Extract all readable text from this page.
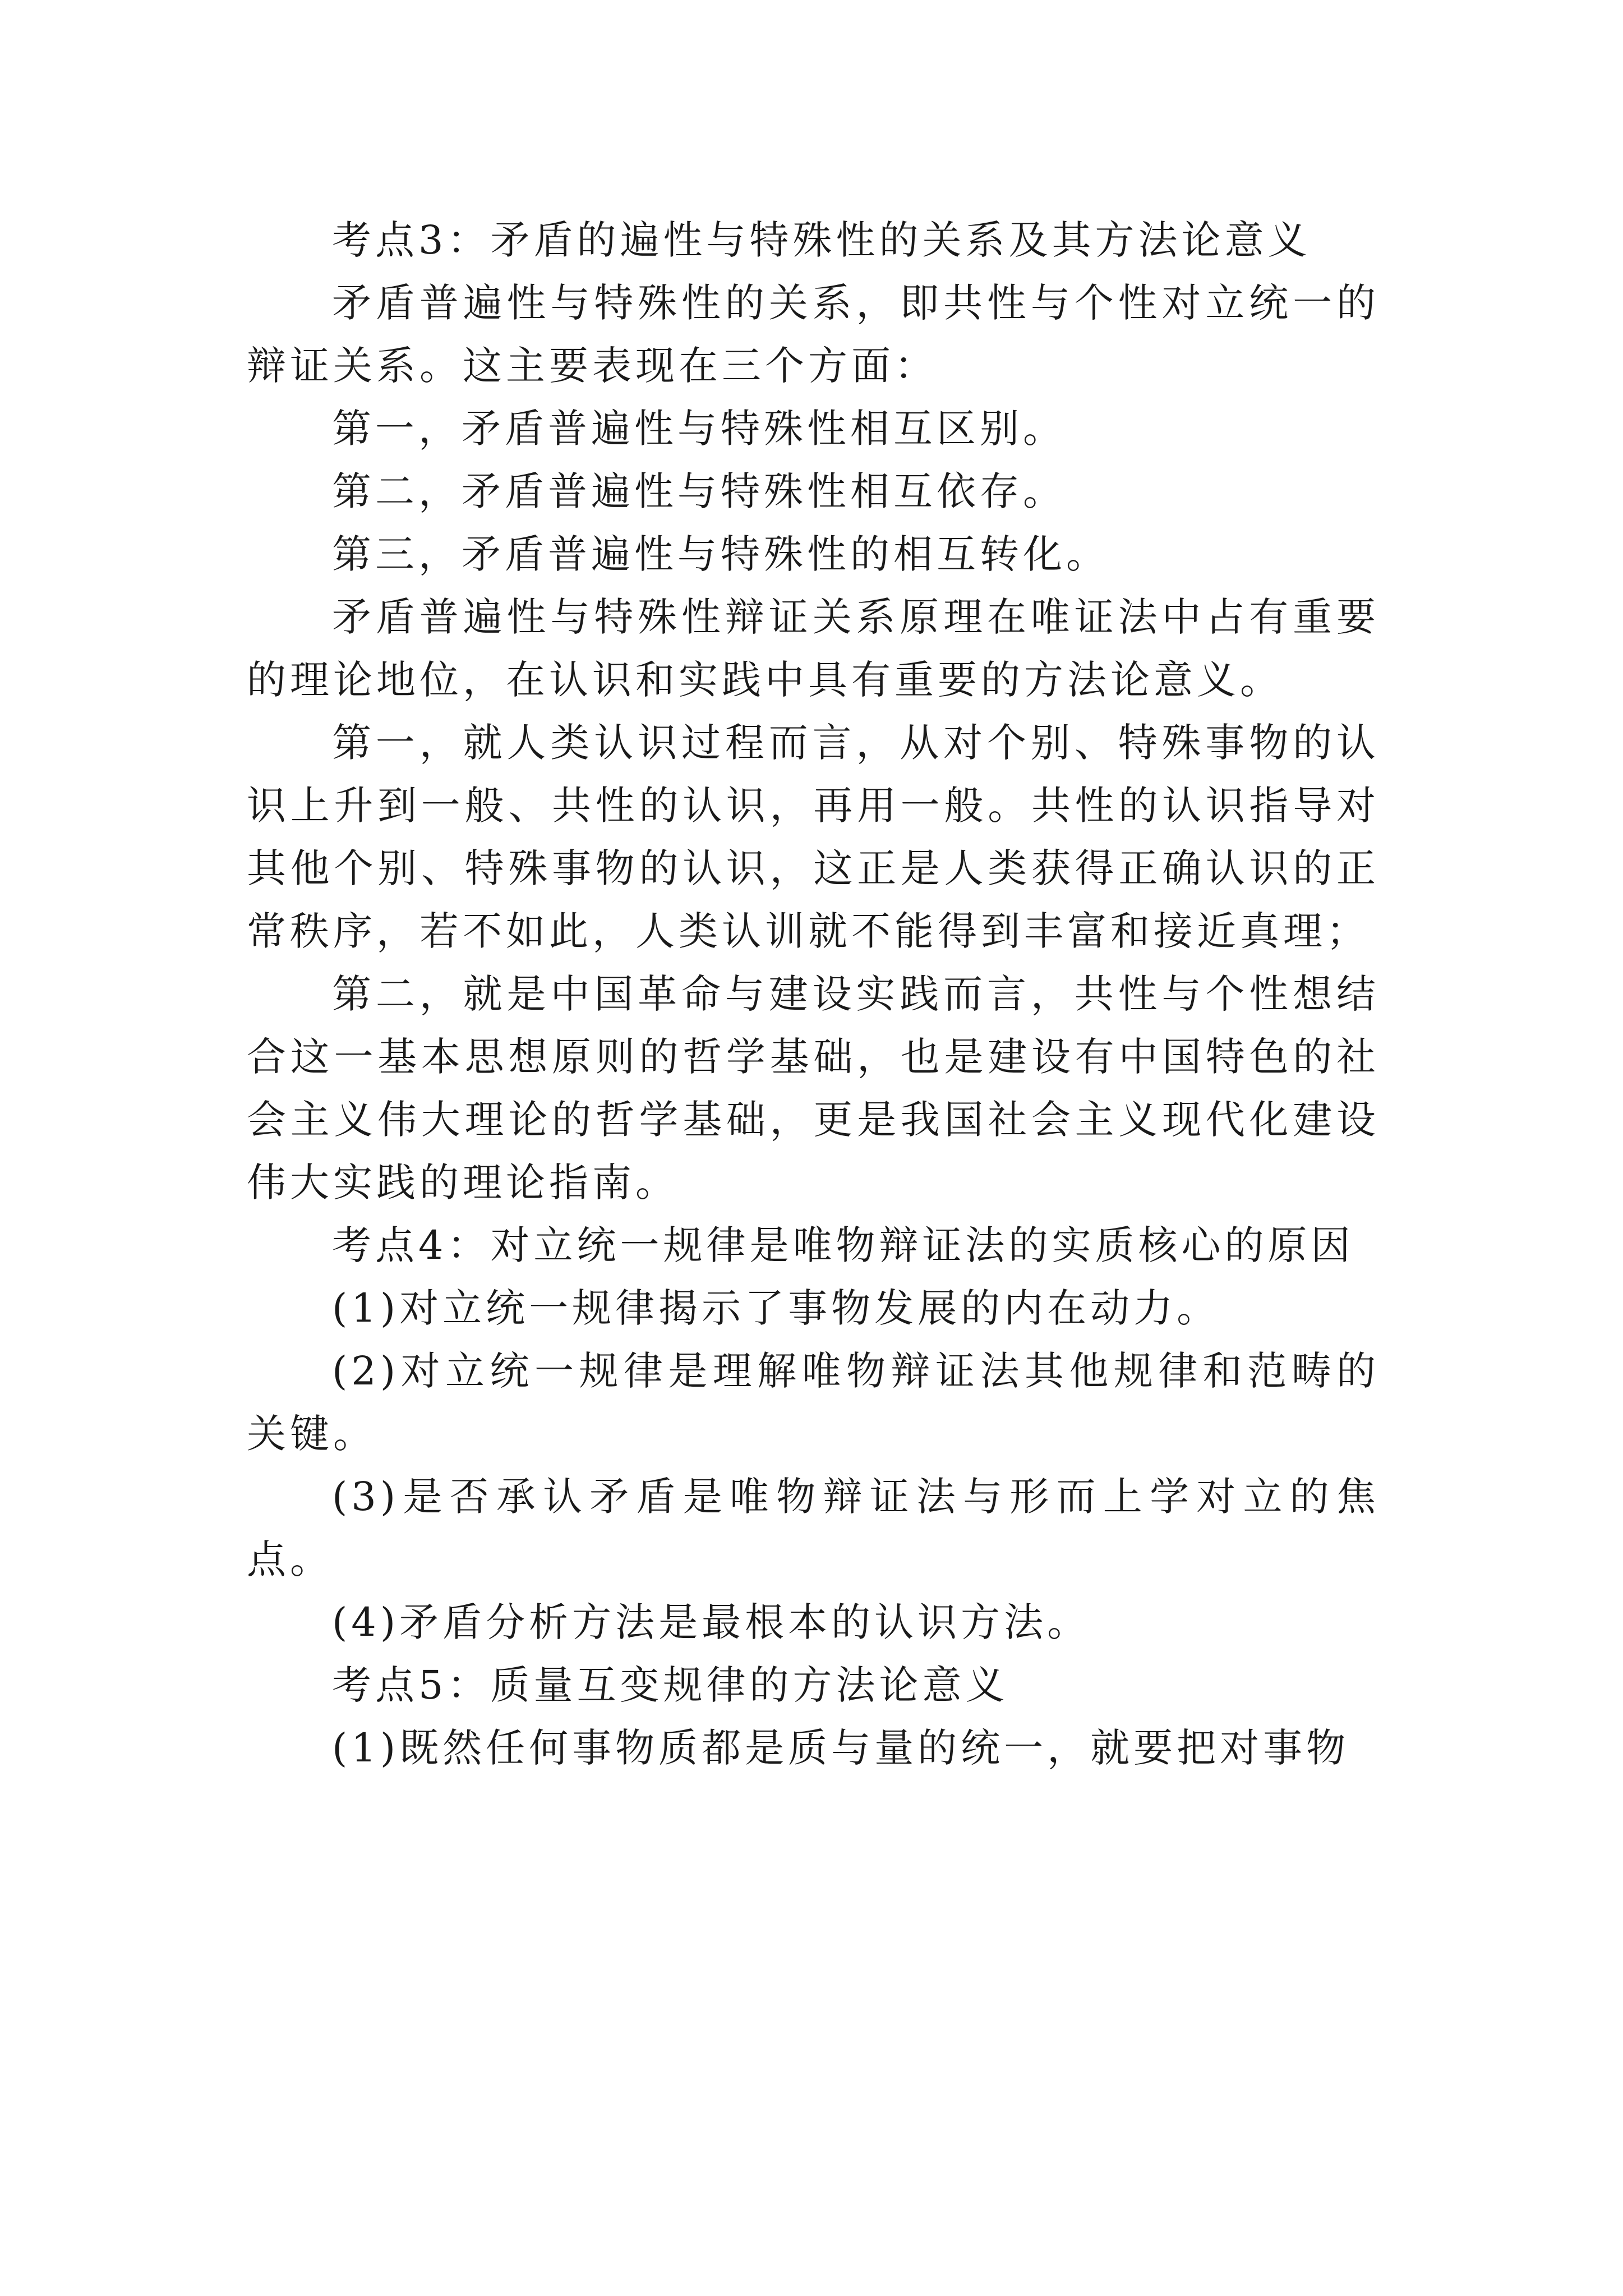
考点3：矛盾的遍性与特殊性的关系及其方法论意义

矛盾普遍性与特殊性的关系，即共性与个性对立统一的辩证关系。这主要表现在三个方面：

第一，矛盾普遍性与特殊性相互区别。

第二，矛盾普遍性与特殊性相互依存。

第三，矛盾普遍性与特殊性的相互转化。

矛盾普遍性与特殊性辩证关系原理在唯证法中占有重要的理论地位，在认识和实践中具有重要的方法论意义。

第一，就人类认识过程而言，从对个别、特殊事物的认识上升到一般、共性的认识，再用一般。共性的认识指导对其他个别、特殊事物的认识，这正是人类获得正确认识的正常秩序，若不如此，人类认训就不能得到丰富和接近真理；

第二，就是中国革命与建设实践而言，共性与个性想结合这一基本思想原则的哲学基础，也是建设有中国特色的社会主义伟大理论的哲学基础，更是我国社会主义现代化建设伟大实践的理论指南。

考点4：对立统一规律是唯物辩证法的实质核心的原因

(1)对立统一规律揭示了事物发展的内在动力。

(2)对立统一规律是理解唯物辩证法其他规律和范畴的关键。

(3)是否承认矛盾是唯物辩证法与形而上学对立的焦点。

(4)矛盾分析方法是最根本的认识方法。

考点5：质量互变规律的方法论意义

(1)既然任何事物质都是质与量的统一，就要把对事物
